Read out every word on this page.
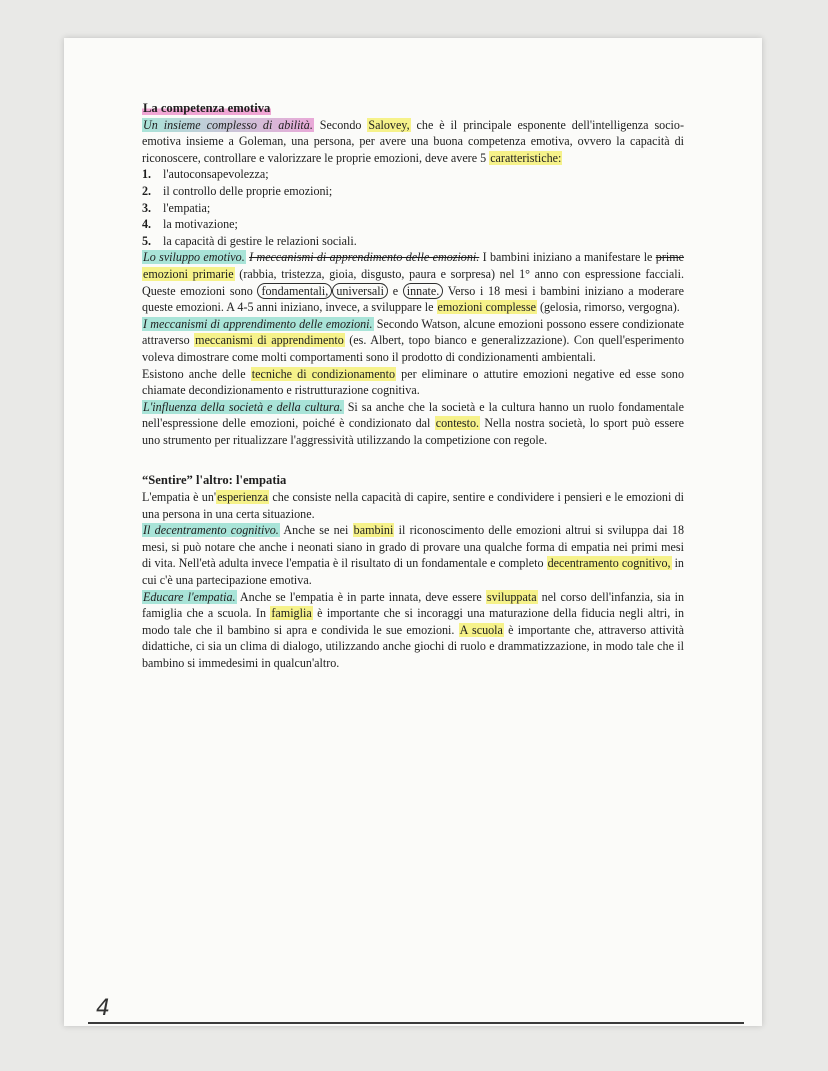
La competenza emotiva

Un insieme complesso di abilità. Secondo Salovey, che è il principale esponente dell'intelligenza socio-emotiva insieme a Goleman, una persona, per avere una buona competenza emotiva, ovvero la capacità di riconoscere, controllare e valorizzare le proprie emozioni, deve avere 5 caratteristiche:

1. l'autoconsapevolezza;
2. il controllo delle proprie emozioni;
3. l'empatia;
4. la motivazione;
5. la capacità di gestire le relazioni sociali.

Lo sviluppo emotivo. I meccanismi di apprendimento delle emozioni. I bambini iniziano a manifestare le prime emozioni primarie (rabbia, tristezza, gioia, disgusto, paura e sorpresa) nel 1° anno con espressione facciali. Queste emozioni sono fondamentali, universali e innate. Verso i 18 mesi i bambini iniziano a moderare queste emozioni. A 4-5 anni iniziano, invece, a sviluppare le emozioni complesse (gelosia, rimorso, vergogna).

I meccanismi di apprendimento delle emozioni. Secondo Watson, alcune emozioni possono essere condizionate attraverso meccanismi di apprendimento (es. Albert, topo bianco e generalizzazione). Con quell'esperimento voleva dimostrare come molti comportamenti sono il prodotto di condizionamenti ambientali.

Esistono anche delle tecniche di condizionamento per eliminare o attutire emozioni negative ed esse sono chiamate decondizionamento e ristrutturazione cognitiva.

L'influenza della società e della cultura. Si sa anche che la società e la cultura hanno un ruolo fondamentale nell'espressione delle emozioni, poiché è condizionato dal contesto. Nella nostra società, lo sport può essere uno strumento per ritualizzare l'aggressività utilizzando la competizione con regole.

“Sentire” l'altro: l'empatia

L'empatia è un'esperienza che consiste nella capacità di capire, sentire e condividere i pensieri e le emozioni di una persona in una certa situazione.

Il decentramento cognitivo. Anche se nei bambini il riconoscimento delle emozioni altrui si sviluppa dai 18 mesi, si può notare che anche i neonati siano in grado di provare una qualche forma di empatia nei primi mesi di vita. Nell'età adulta invece l'empatia è il risultato di un fondamentale e completo decentramento cognitivo, in cui c'è una partecipazione emotiva.

Educare l'empatia. Anche se l'empatia è in parte innata, deve essere sviluppata nel corso dell'infanzia, sia in famiglia che a scuola. In famiglia è importante che si incoraggi una maturazione della fiducia negli altri, in modo tale che il bambino si apra e condivida le sue emozioni. A scuola è importante che, attraverso attività didattiche, ci sia un clima di dialogo, utilizzando anche giochi di ruolo e drammatizzazione, in modo tale che il bambino si immedesimi in qualcun'altro.

4
